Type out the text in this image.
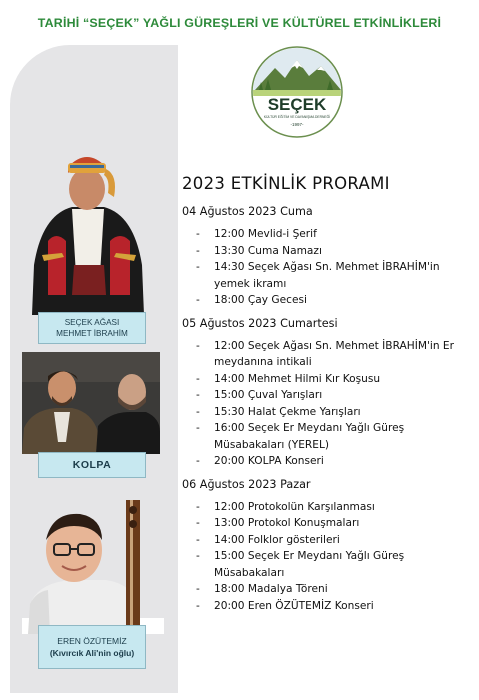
TARİHİ “SEÇEK” YAĞLI GÜREŞLERİ VE KÜLTÜREL ETKİNLİKLERİ
SEÇEK
KÜLTÜR EĞİTİM VE DAYANIŞMA DERNEĞİ
-1997-
SEÇEK AĞASI
MEHMET İBRAHİM
KOLPA
EREN ÖZÜTEMİZ
(Kıvırcık Ali'nin oğlu)
2023 ETKİNLİK PRORAMI
04 Ağustos 2023 Cuma
-	12:00 Mevlid-i Şerif
-	13:30 Cuma Namazı
-	14:30 Seçek Ağası Sn. Mehmet İBRAHİM'in yemek ikramı
-	18:00 Çay Gecesi
05 Ağustos 2023 Cumartesi
-	12:00 Seçek Ağası Sn. Mehmet İBRAHİM'in Er meydanına intikali
-	14:00 Mehmet Hilmi Kır Koşusu
-	15:00 Çuval Yarışları
-	15:30 Halat Çekme Yarışları
-	16:00 Seçek Er Meydanı Yağlı Güreş Müsabakaları (YEREL)
-	20:00 KOLPA Konseri
06 Ağustos 2023 Pazar
-	12:00 Protokolün Karşılanması
-	13:00 Protokol Konuşmaları
-	14:00 Folklor gösterileri
-	15:00 Seçek Er Meydanı Yağlı Güreş Müsabakaları
-	18:00 Madalya Töreni
-	20:00 Eren ÖZÜTEMİZ Konseri
